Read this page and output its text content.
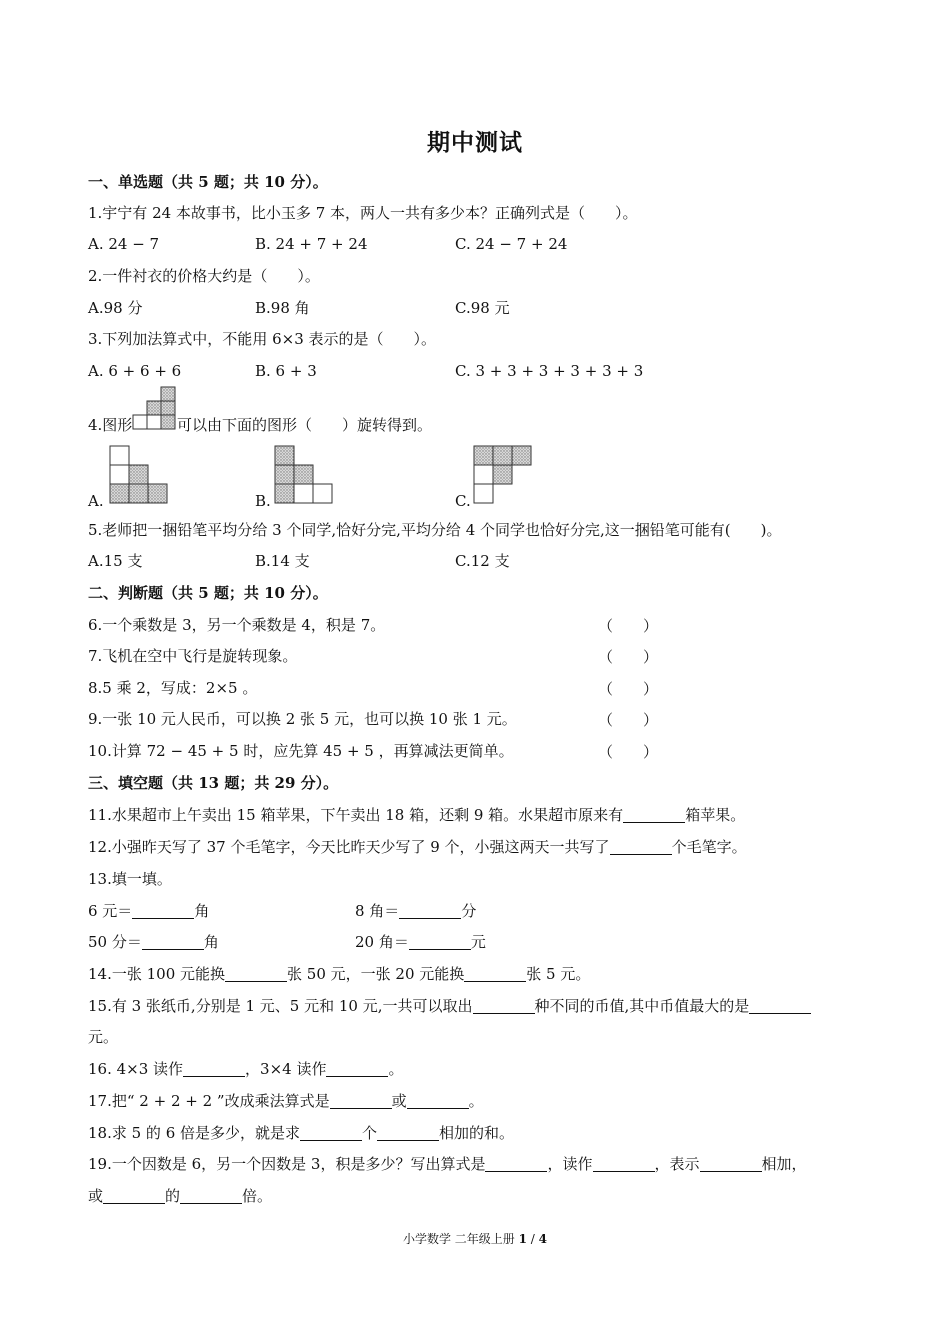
期中测试
一、单选题（共 5 题；共 10 分）。
1.宇宁有 24 本故事书，比小玉多 7 本，两人一共有多少本？正确列式是（　　）。
A. 24 − 7	B. 24 + 7 + 24	C. 24 − 7 + 24
2.一件衬衣的价格大约是（　　）。
A.98 分	B.98 角	C.98 元
3.下列加法算式中，不能用 6×3 表示的是（　　）。
A. 6 + 6 + 6	B. 6 + 3	C. 3 + 3 + 3 + 3 + 3 + 3
4.图形	可以由下面的图形（　　）旋转得到。
A.	B.	C.
5.老师把一捆铅笔平均分给 3 个同学,恰好分完,平均分给 4 个同学也恰好分完,这一捆铅笔可能有(　　)。
A.15 支	B.14 支	C.12 支
二、判断题（共 5 题；共 10 分）。
6.一个乘数是 3，另一个乘数是 4，积是 7。	（　　）
7.飞机在空中飞行是旋转现象。	（　　）
8.5 乘 2，写成：2×5 。	（　　）
9.一张 10 元人民币，可以换 2 张 5 元，也可以换 10 张 1 元。	（　　）
10.计算 72 − 45 + 5 时，应先算 45 + 5 ，再算减法更简单。	（　　）
三、填空题（共 13 题；共 29 分）。
11.水果超市上午卖出 15 箱苹果，下午卖出 18 箱，还剩 9 箱。水果超市原来有	箱苹果。
12.小强昨天写了 37 个毛笔字，今天比昨天少写了 9 个，小强这两天一共写了	个毛笔字。
13.填一填。
6 元＝	角	8 角＝	分
50 分＝	角	20 角＝	元
14.一张 100 元能换	张 50 元，一张 20 元能换	张 5 元。
15.有 3 张纸币,分别是 1 元、5 元和 10 元,一共可以取出	种不同的币值,其中币值最大的是
元。
16. 4×3 读作	，3×4 读作	。
17.把“ 2 + 2 + 2 ”改成乘法算式是	或	。
18.求 5 的 6 倍是多少，就是求	个	相加的和。
19.一个因数是 6，另一个因数是 3，积是多少？写出算式是	，读作	，表示	相加，
或	的	倍。
小学数学 二年级上册 1 / 4
